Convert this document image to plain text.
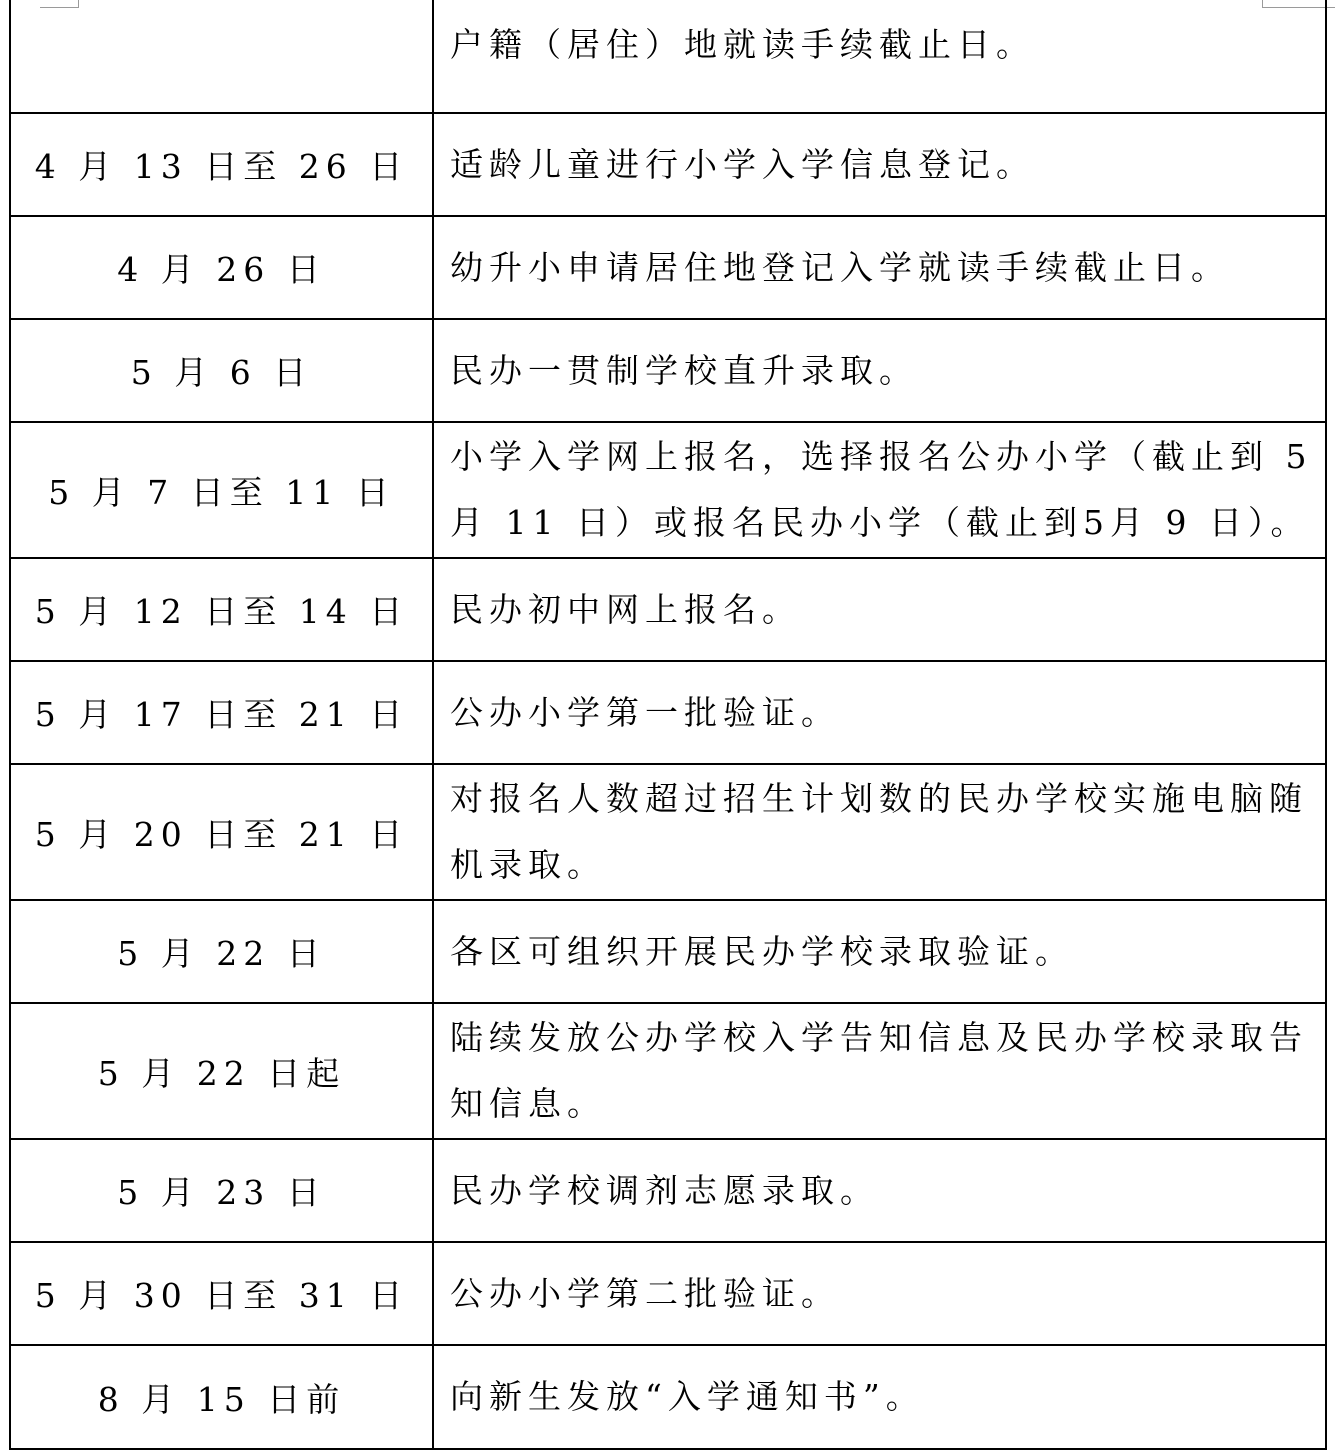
	户籍（居住）地就读手续截止日。
4 月 13 日至 26 日	适龄儿童进行小学入学信息登记。
4 月 26 日	幼升小申请居住地登记入学就读手续截止日。
5 月 6 日	民办一贯制学校直升录取。
5 月 7 日至 11 日	小学入学网上报名，选择报名公办小学（截止到 5 月 11 日）或报名民办小学（截止到5月 9 日）。
5 月 12 日至 14 日	民办初中网上报名。
5 月 17 日至 21 日	公办小学第一批验证。
5 月 20 日至 21 日	对报名人数超过招生计划数的民办学校实施电脑随机录取。
5 月 22 日	各区可组织开展民办学校录取验证。
5 月 22 日起	陆续发放公办学校入学告知信息及民办学校录取告知信息。
5 月 23 日	民办学校调剂志愿录取。
5 月 30 日至 31 日	公办小学第二批验证。
8 月 15 日前	向新生发放“入学通知书”。
